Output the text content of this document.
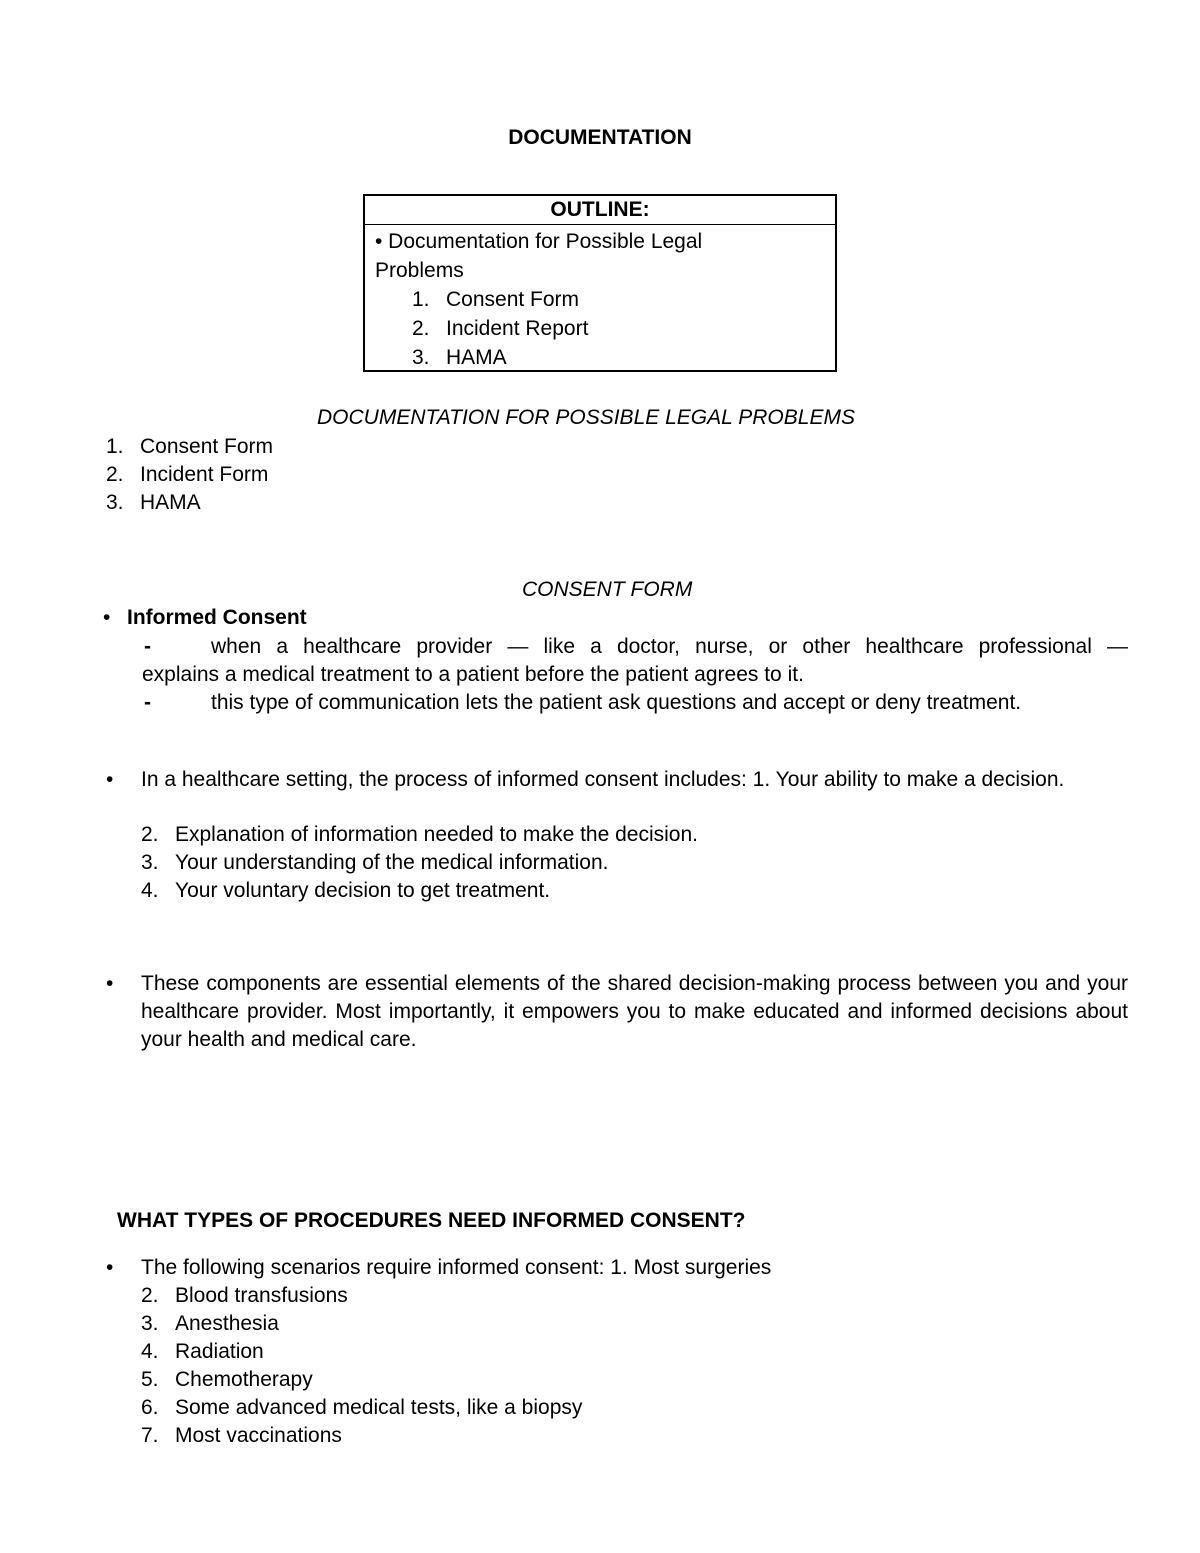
DOCUMENTATION
OUTLINE:
• Documentation for Possible Legal
Problems
1. Consent Form
2. Incident Report
3. HAMA
DOCUMENTATION FOR POSSIBLE LEGAL PROBLEMS
1. Consent Form
2. Incident Form
3. HAMA
CONSENT FORM
• Informed Consent
-	when a healthcare provider — like a doctor, nurse, or other healthcare professional —
explains a medical treatment to a patient before the patient agrees to it.
-	this type of communication lets the patient ask questions and accept or deny treatment.
• In a healthcare setting, the process of informed consent includes: 1. Your ability to make a decision.
2. Explanation of information needed to make the decision.
3. Your understanding of the medical information.
4. Your voluntary decision to get treatment.
• These components are essential elements of the shared decision-making process between you and your healthcare provider. Most importantly, it empowers you to make educated and informed decisions about your health and medical care.
WHAT TYPES OF PROCEDURES NEED INFORMED CONSENT?
• The following scenarios require informed consent: 1. Most surgeries
2. Blood transfusions
3. Anesthesia
4. Radiation
5. Chemotherapy
6. Some advanced medical tests, like a biopsy
7. Most vaccinations
